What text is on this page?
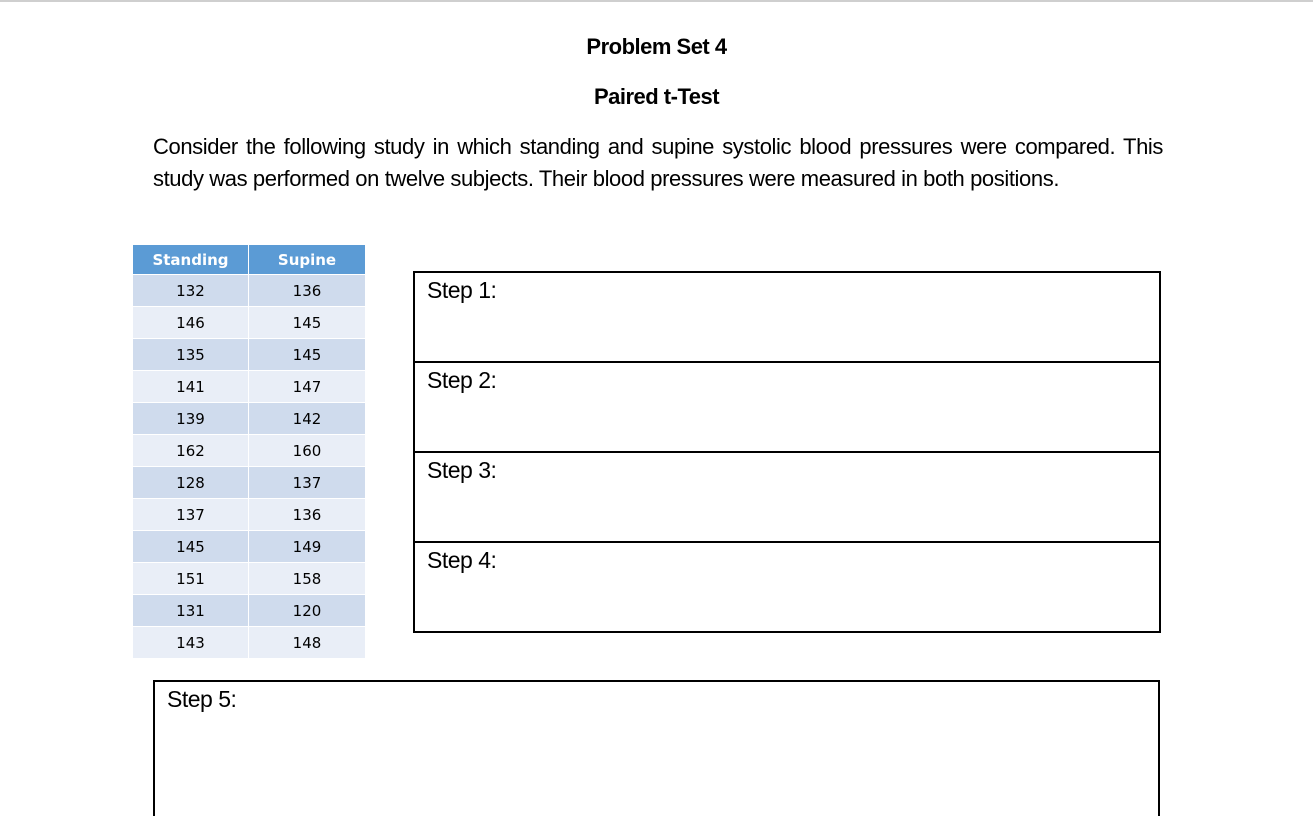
Problem Set 4
Paired t-Test
Consider the following study in which standing and supine systolic blood pressures were compared. This study was performed on twelve subjects. Their blood pressures were measured in both positions.
Standing	Supine
132	136
146	145
135	145
141	147
139	142
162	160
128	137
137	136
145	149
151	158
131	120
143	148
Step 1:
Step 2:
Step 3:
Step 4:
Step 5:
